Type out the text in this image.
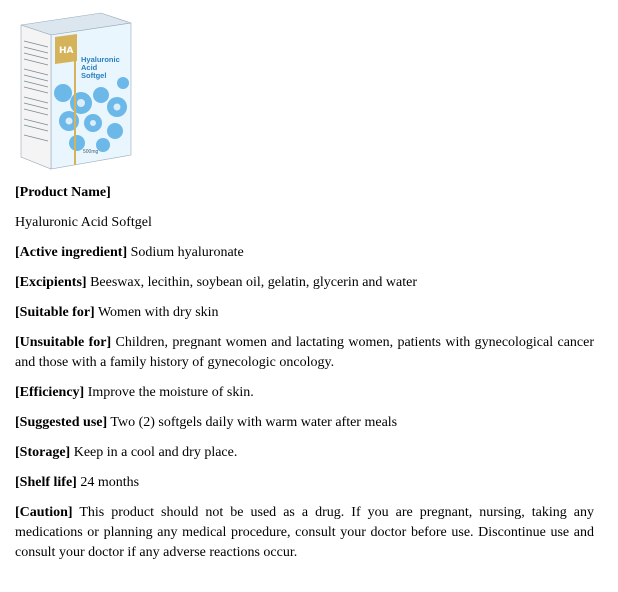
HA
Hyaluronic
Acid
Softgel
500mg

[Product Name]

Hyaluronic Acid Softgel

[Active ingredient] Sodium hyaluronate

[Excipients] Beeswax, lecithin, soybean oil, gelatin, glycerin and water

[Suitable for] Women with dry skin

[Unsuitable for] Children, pregnant women and lactating women, patients with gynecological cancer and those with a family history of gynecologic oncology.

[Efficiency] Improve the moisture of skin.

[Suggested use] Two (2) softgels daily with warm water after meals

[Storage] Keep in a cool and dry place.

[Shelf life] 24 months

[Caution] This product should not be used as a drug. If you are pregnant, nursing, taking any medications or planning any medical procedure, consult your doctor before use. Discontinue use and consult your doctor if any adverse reactions occur.
